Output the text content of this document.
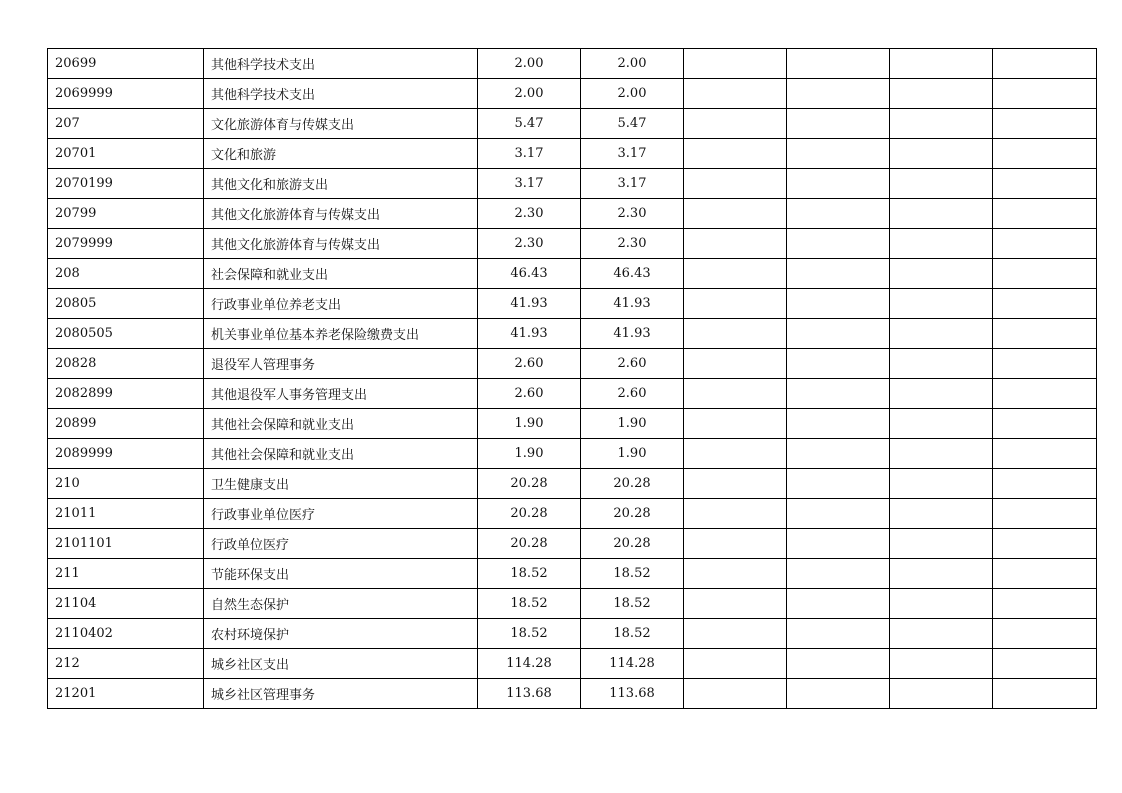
20699	其他科学技术支出	2.00	2.00				
2069999	其他科学技术支出	2.00	2.00				
207	文化旅游体育与传媒支出	5.47	5.47				
20701	文化和旅游	3.17	3.17				
2070199	其他文化和旅游支出	3.17	3.17				
20799	其他文化旅游体育与传媒支出	2.30	2.30				
2079999	其他文化旅游体育与传媒支出	2.30	2.30				
208	社会保障和就业支出	46.43	46.43				
20805	行政事业单位养老支出	41.93	41.93				
2080505	机关事业单位基本养老保险缴费支出	41.93	41.93				
20828	退役军人管理事务	2.60	2.60				
2082899	其他退役军人事务管理支出	2.60	2.60				
20899	其他社会保障和就业支出	1.90	1.90				
2089999	其他社会保障和就业支出	1.90	1.90				
210	卫生健康支出	20.28	20.28				
21011	行政事业单位医疗	20.28	20.28				
2101101	行政单位医疗	20.28	20.28				
211	节能环保支出	18.52	18.52				
21104	自然生态保护	18.52	18.52				
2110402	农村环境保护	18.52	18.52				
212	城乡社区支出	114.28	114.28				
21201	城乡社区管理事务	113.68	113.68				
